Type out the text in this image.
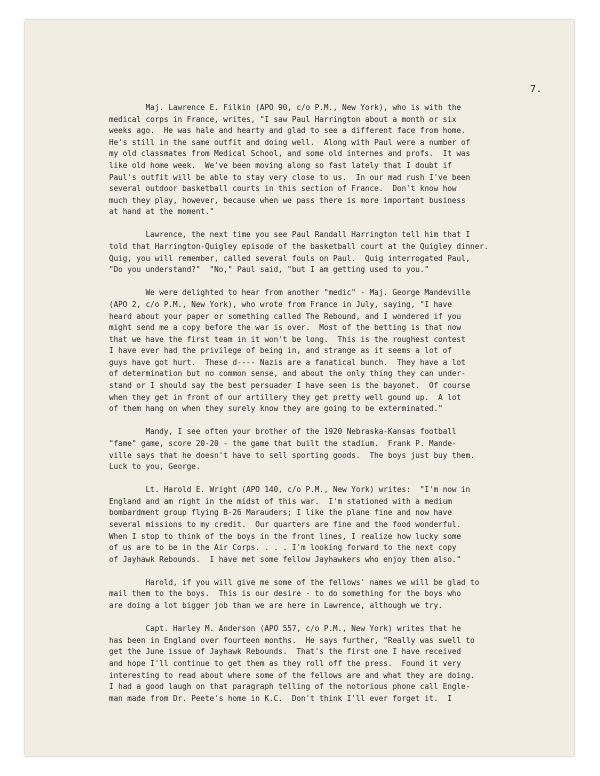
7.
Maj. Lawrence E. Filkin (APO 90, c/o P.M., New York), who is with the
medical corps in France, writes, "I saw Paul Harrington about a month or six
weeks ago.  He was hale and hearty and glad to see a different face from home.
He's still in the same outfit and doing well.  Along with Paul were a number of
my old classmates from Medical School, and some old internes and profs.  It was
like old home week.  We've been moving along so fast lately that I doubt if
Paul's outfit will be able to stay very close to us.  In our mad rush I've been
several outdoor basketball courts in this section of France.  Don't know how
much they play, however, because when we pass there is more important business
at hand at the moment."
Lawrence, the next time you see Paul Randall Harrington tell him that I
told that Harrington-Quigley episode of the basketball court at the Quigley dinner.
Quig, you will remember, called several fouls on Paul.  Quig interrogated Paul,
"Do you understand?"  "No," Paul said, "but I am getting used to you."
We were delighted to hear from another "medic" - Maj. George Mandeville
(APO 2, c/o P.M., New York), who wrote from France in July, saying, "I have
heard about your paper or something called The Rebound, and I wondered if you
might send me a copy before the war is over.  Most of the betting is that now
that we have the first team in it won't be long.  This is the roughest contest
I have ever had the privilege of being in, and strange as it seems a lot of
guys have got hurt.  These d---- Nazis are a fanatical bunch.  They have a lot
of determination but no common sense, and about the only thing they can under-
stand or I should say the best persuader I have seen is the bayonet.  Of course
when they get in front of our artillery they get pretty well gound up.  A lot
of them hang on when they surely know they are going to be exterminated."
Mandy, I see often your brother of the 1920 Nebraska-Kansas football
"fame" game, score 20-20 - the game that built the stadium.  Frank P. Mande-
ville says that he doesn't have to sell sporting goods.  The boys just buy them.
Luck to you, George.
Lt. Harold E. Wright (APO 140, c/o P.M., New York) writes:  "I'm now in
England and am right in the midst of this war.  I'm stationed with a medium
bombardment group flying B-26 Marauders; I like the plane fine and now have
several missions to my credit.  Our quarters are fine and the food wonderful.
When I stop to think of the boys in the front lines, I realize how lucky some
of us are to be in the Air Corps. . . . I'm looking forward to the next copy
of Jayhawk Rebounds.  I have met some fellow Jayhawkers who enjoy them also."
Harold, if you will give me some of the fellows' names we will be glad to
mail them to the boys.  This is our desire - to do something for the boys who
are doing a lot bigger job than we are here in Lawrence, although we try.
Capt. Harley M. Anderson (APO 557, c/o P.M., New York) writes that he
has been in England over fourteen months.  He says further, "Really was swell to
get the June issue of Jayhawk Rebounds.  That's the first one I have received
and hope I'll continue to get them as they roll off the press.  Found it very
interesting to read about where some of the fellows are and what they are doing.
I had a good laugh on that paragraph telling of the notorious phone call Engle-
man made from Dr. Peete's home in K.C.  Don't think I'll ever forget it.  I
